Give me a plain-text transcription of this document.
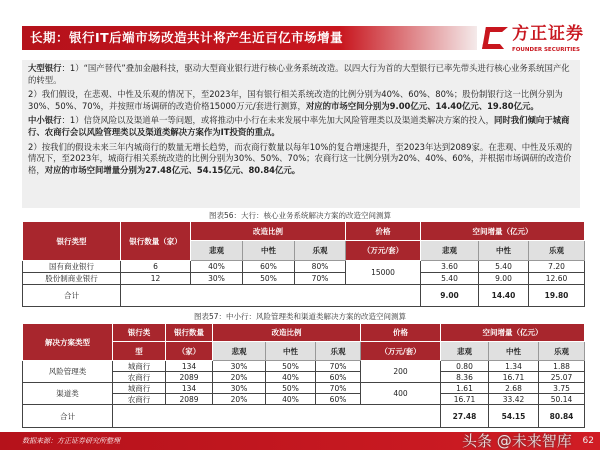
长期：银行IT后端市场改造共计将产生近百亿市场增量	方正证券
FOUNDER SECURITIES

大型银行：1）“国产替代”叠加金融科技，驱动大型商业银行进行核心业务系统改造。以四大行为首的大型银行已率先带头进行核心业务系统国产化的转型。

2）我们假设，在悲观、中性及乐观的情况下，至2023年，国有银行相关系统改造的比例分别为40%、60%、80%；股份制银行这一比例分别为30%、50%、70%，并按照市场调研的改造价格15000万元/套进行测算，对应的市场空间分别为9.00亿元、14.40亿元、19.80亿元。

中小银行：1）信贷风险以及渠道单一等问题，或将推动中小行在未来发展中率先加大风险管理类以及渠道类解决方案的投入，同时我们倾向于城商行、农商行会以风险管理类以及渠道类解决方案作为IT投资的重点。

2）按我们的假设未来三年内城商行的数量无增长趋势，而农商行数量以每年10%的复合增速提升，至2023年达到2089家。在悲观、中性及乐观的情况下，至2023年，城商行相关系统改造的比例分别为30%、50%、70%；农商行这一比例分别为20%、40%、60%，并根据市场调研的改造价格，对应的市场空间增量分别为27.48亿元、54.15亿元、80.84亿元。

图表56：大行：核心业务系统解决方案的改造空间测算
银行类型	银行数量（家）	改造比例			价格	空间增量（亿元）		
		悲观	中性	乐观	（万元/套）	悲观	中性	乐观
国有商业银行	6	40%	60%	80%	15000	3.60	5.40	7.20
股份制商业银行	12	30%	50%	70%		5.40	9.00	12.60
合计						9.00	14.40	19.80
图表57：中小行：风险管理类和渠道类解决方案的改造空间测算
解决方案类型	银行类	银行数量	改造比例			价格	空间增量（亿元）		
	型	（家）	悲观	中性	乐观	（万元/套）	悲观	中性	乐观
风险管理类	城商行	134	30%	50%	70%	200	0.80	1.34	1.88
	农商行	2089	20%	40%	60%		8.36	16.71	25.07
渠道类	城商行	134	30%	50%	70%	400	1.61	2.68	3.75
	农商行	2089	20%	40%	60%		16.71	33.42	50.14
合计							27.48	54.15	80.84
数据来源：方正证券研究所整理	62
头条 @未来智库
